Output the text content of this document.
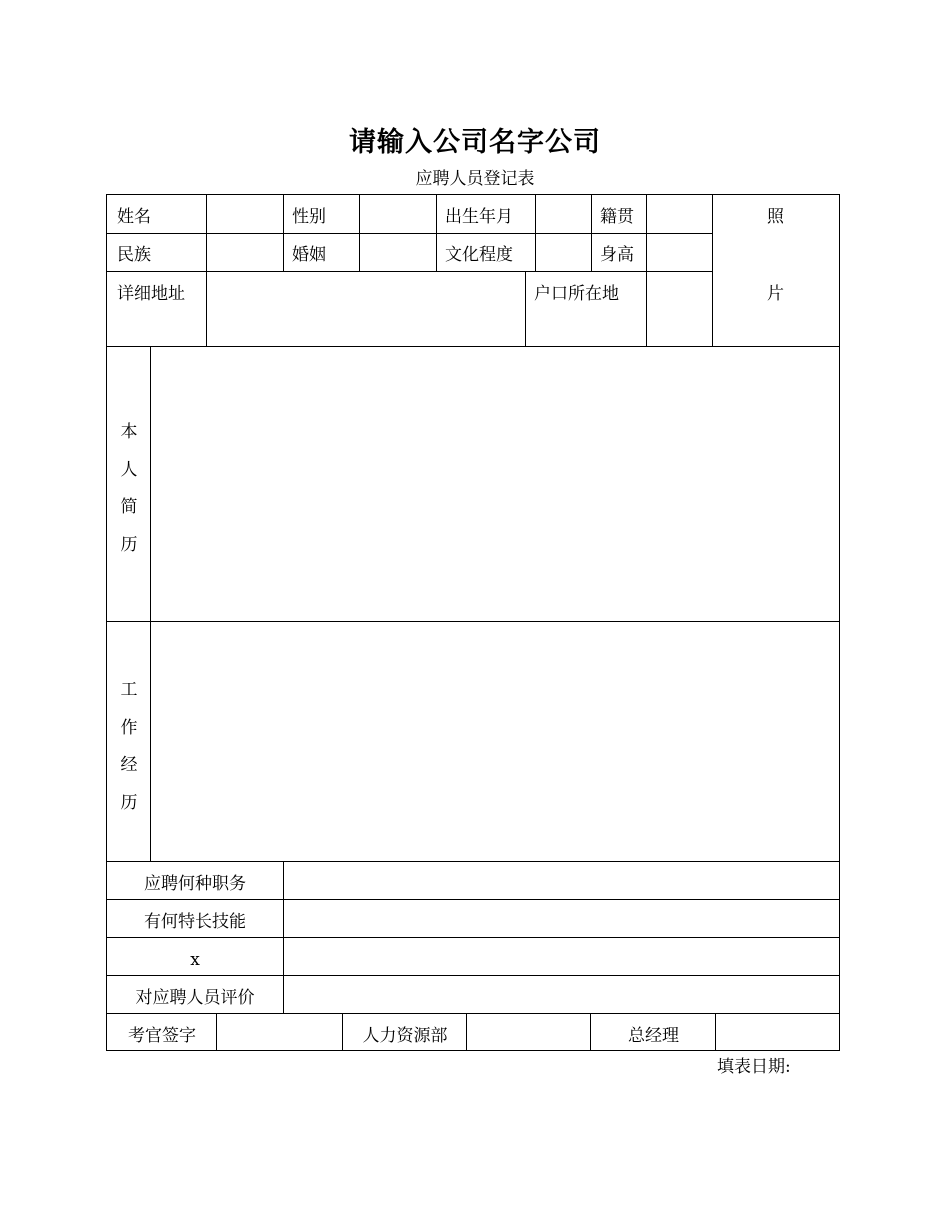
请输入公司名字公司
应聘人员登记表
姓名	性别	出生年月	籍贯
民族	婚姻	文化程度	身高
详细地址	户口所在地
照
片
本
人
简
历
工
作
经
历
应聘何种职务
有何特长技能
x
对应聘人员评价
考官签字	人力资源部	总经理
填表日期:
